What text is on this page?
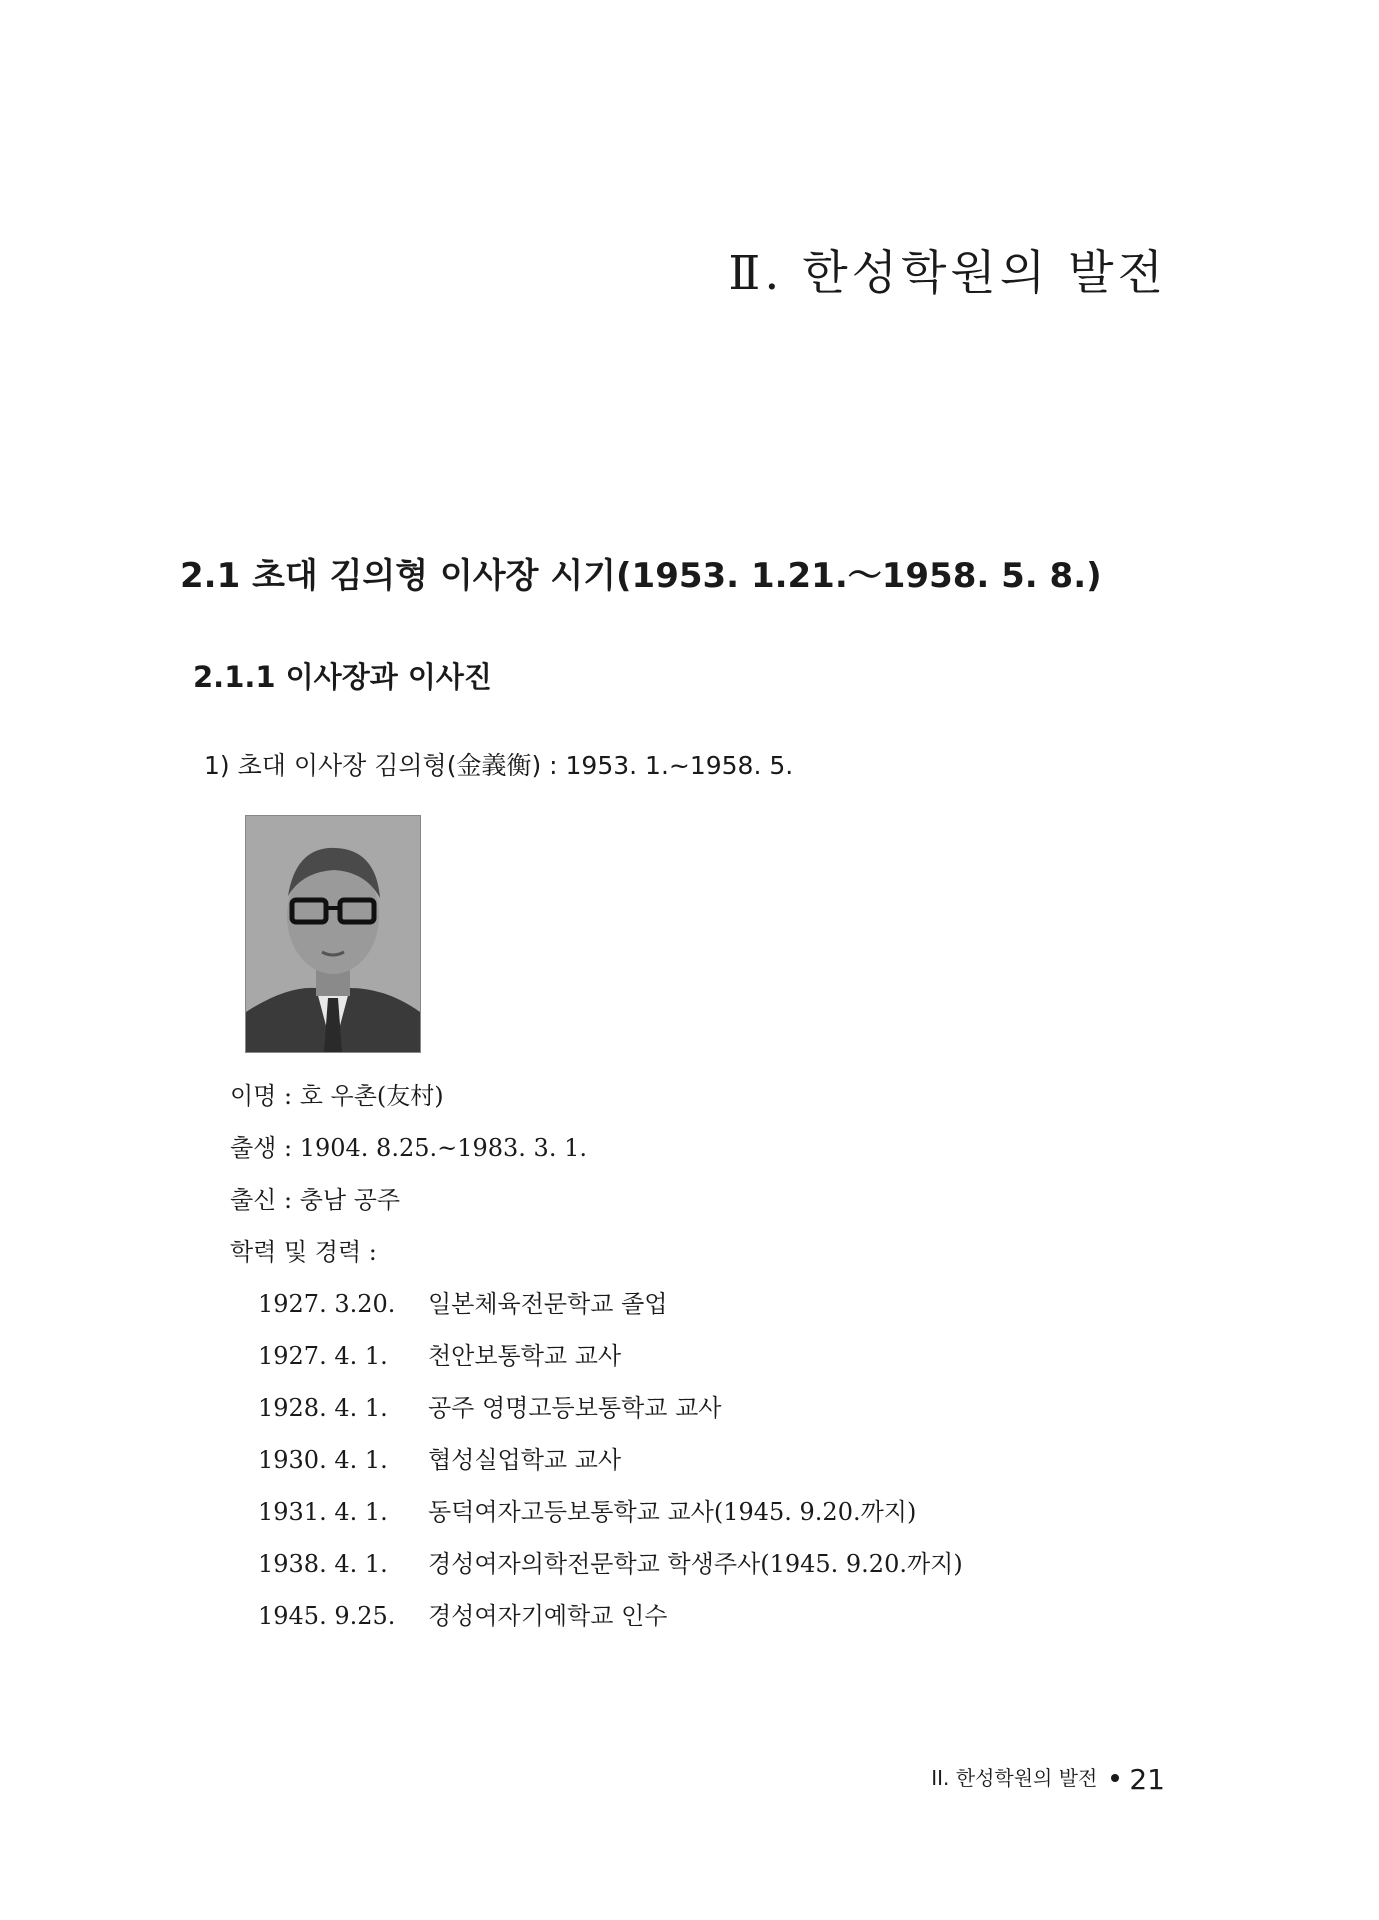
Ⅱ. 한성학원의 발전
2.1 초대 김의형 이사장 시기(1953. 1.21.～1958. 5. 8.)
2.1.1 이사장과 이사진
1) 초대 이사장 김의형(金義衡) : 1953. 1.~1958. 5.
이명 : 호 우촌(友村)
출생 : 1904. 8.25.~1983. 3. 1.
출신 : 충남 공주
학력 및 경력 :
1927. 3.20. 일본체육전문학교 졸업
1927. 4. 1. 천안보통학교 교사
1928. 4. 1. 공주 영명고등보통학교 교사
1930. 4. 1. 협성실업학교 교사
1931. 4. 1. 동덕여자고등보통학교 교사(1945. 9.20.까지)
1938. 4. 1. 경성여자의학전문학교 학생주사(1945. 9.20.까지)
1945. 9.25. 경성여자기예학교 인수
II. 한성학원의 발전 21
